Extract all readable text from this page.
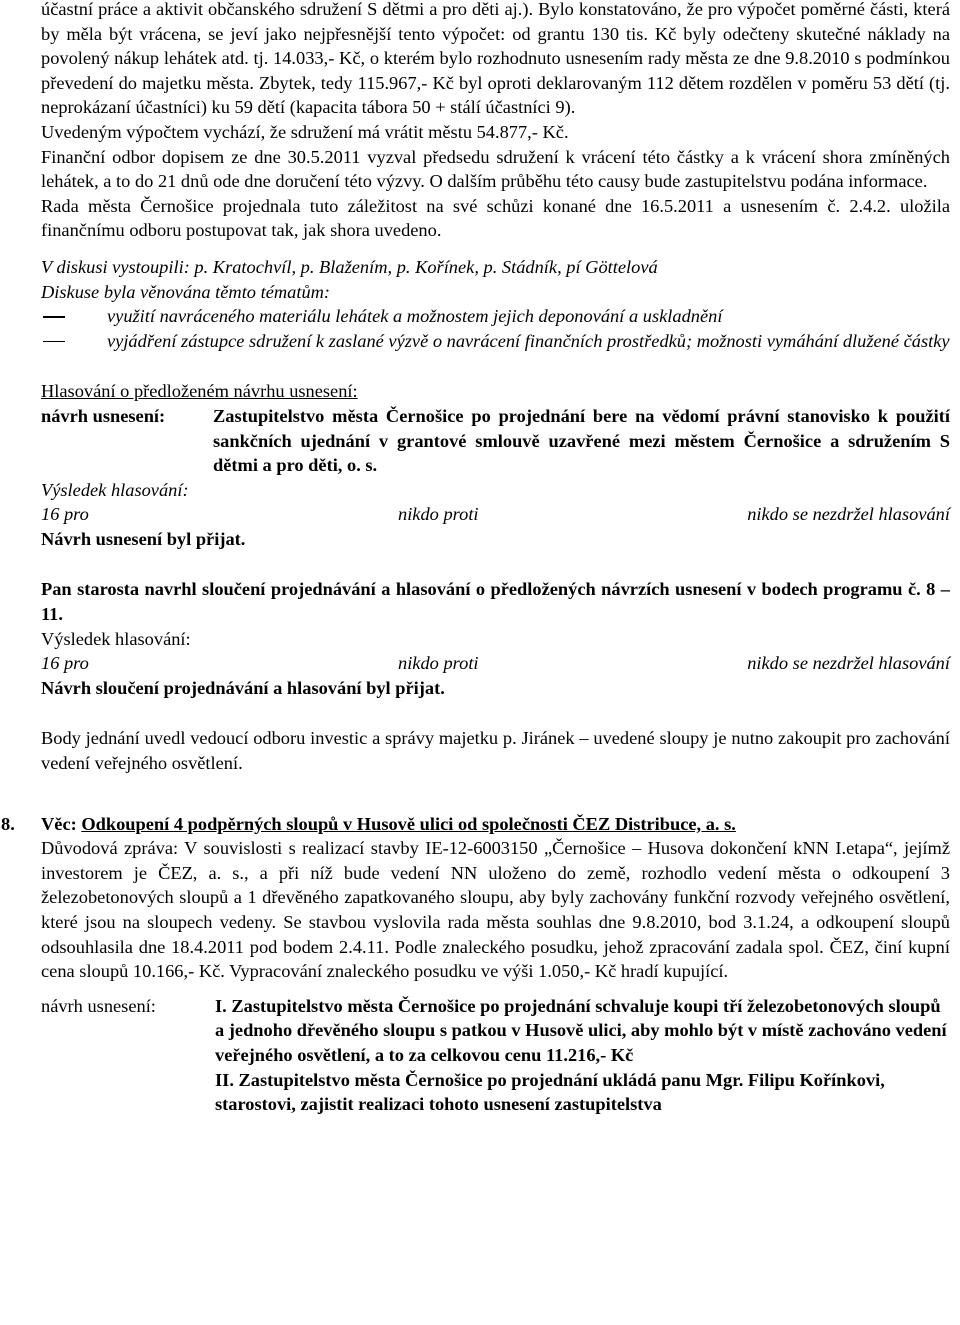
účastní práce a aktivit občanského sdružení S dětmi a pro děti aj.). Bylo konstatováno, že pro výpočet poměrné části, která by měla být vrácena, se jeví jako nejpřesnější tento výpočet: od grantu 130 tis. Kč byly odečteny skutečné náklady na povolený nákup lehátek atd. tj. 14.033,- Kč, o kterém bylo rozhodnuto usnesením rady města ze dne 9.8.2010 s podmínkou převedení do majetku města. Zbytek, tedy 115.967,- Kč byl oproti deklarovaným 112 dětem rozdělen v poměru 53 dětí (tj. neprokázaní účastníci) ku 59 dětí (kapacita tábora 50 + stálí účastníci 9).

Uvedeným výpočtem vychází, že sdružení má vrátit městu 54.877,- Kč.

Finanční odbor dopisem ze dne 30.5.2011 vyzval předsedu sdružení k vrácení této částky a k vrácení shora zmíněných lehátek, a to do 21 dnů ode dne doručení této výzvy. O dalším průběhu této causy bude zastupitelstvu podána informace.

Rada města Černošice projednala tuto záležitost na své schůzi konané dne 16.5.2011 a usnesením č. 2.4.2. uložila finančnímu odboru postupovat tak, jak shora uvedeno.

V diskusi vystoupili: p. Kratochvíl, p. Blažením, p. Kořínek, p. Stádník, pí Göttelová

Diskuse byla věnována těmto tématům:

využití navráceného materiálu lehátek a možnostem jejich deponování a uskladnění
vyjádření zástupce sdružení k zaslané výzvě o navrácení finančních prostředků; možnosti vymáhání dlužené částky

Hlasování o předloženém návrhu usnesení:

návrh usnesení:	Zastupitelstvo města Černošice po projednání bere na vědomí právní stanovisko k použití sankčních ujednání v grantové smlouvě uzavřené mezi městem Černošice a sdružením S dětmi a pro děti, o. s.

Výsledek hlasování:

16 pro	nikdo proti	nikdo se nezdržel hlasování

Návrh usnesení byl přijat.

Pan starosta navrhl sloučení projednávání a hlasování o předložených návrzích usnesení v bodech programu č. 8 – 11.

Výsledek hlasování:

16 pro	nikdo proti	nikdo se nezdržel hlasování

Návrh sloučení projednávání a hlasování byl přijat.

Body jednání uvedl vedoucí odboru investic a správy majetku p. Jiránek – uvedené sloupy je nutno zakoupit pro zachování vedení veřejného osvětlení.

8. Věc: Odkoupení 4 podpěrných sloupů v Husově ulici od společnosti ČEZ Distribuce, a. s.

Důvodová zpráva: V souvislosti s realizací stavby IE-12-6003150 „Černošice – Husova dokončení kNN I.etapa“, jejímž investorem je ČEZ, a. s., a při níž bude vedení NN uloženo do země, rozhodlo vedení města o odkoupení 3 železobetonových sloupů a 1 dřevěného zapatkovaného sloupu, aby byly zachovány funkční rozvody veřejného osvětlení, které jsou na sloupech vedeny. Se stavbou vyslovila rada města souhlas dne 9.8.2010, bod 3.1.24, a odkoupení sloupů odsouhlasila dne 18.4.2011 pod bodem 2.4.11. Podle znaleckého posudku, jehož zpracování zadala spol. ČEZ, činí kupní cena sloupů 10.166,- Kč. Vypracování znaleckého posudku ve výši 1.050,- Kč hradí kupující.

návrh usnesení:	I. Zastupitelstvo města Černošice po projednání schvaluje koupi tří železobetonových sloupů a jednoho dřevěného sloupu s patkou v Husově ulici, aby mohlo být v místě zachováno vedení veřejného osvětlení, a to za celkovou cenu 11.216,- Kč

II. Zastupitelstvo města Černošice po projednání ukládá panu Mgr. Filipu Kořínkovi, starostovi, zajistit realizaci tohoto usnesení zastupitelstva
